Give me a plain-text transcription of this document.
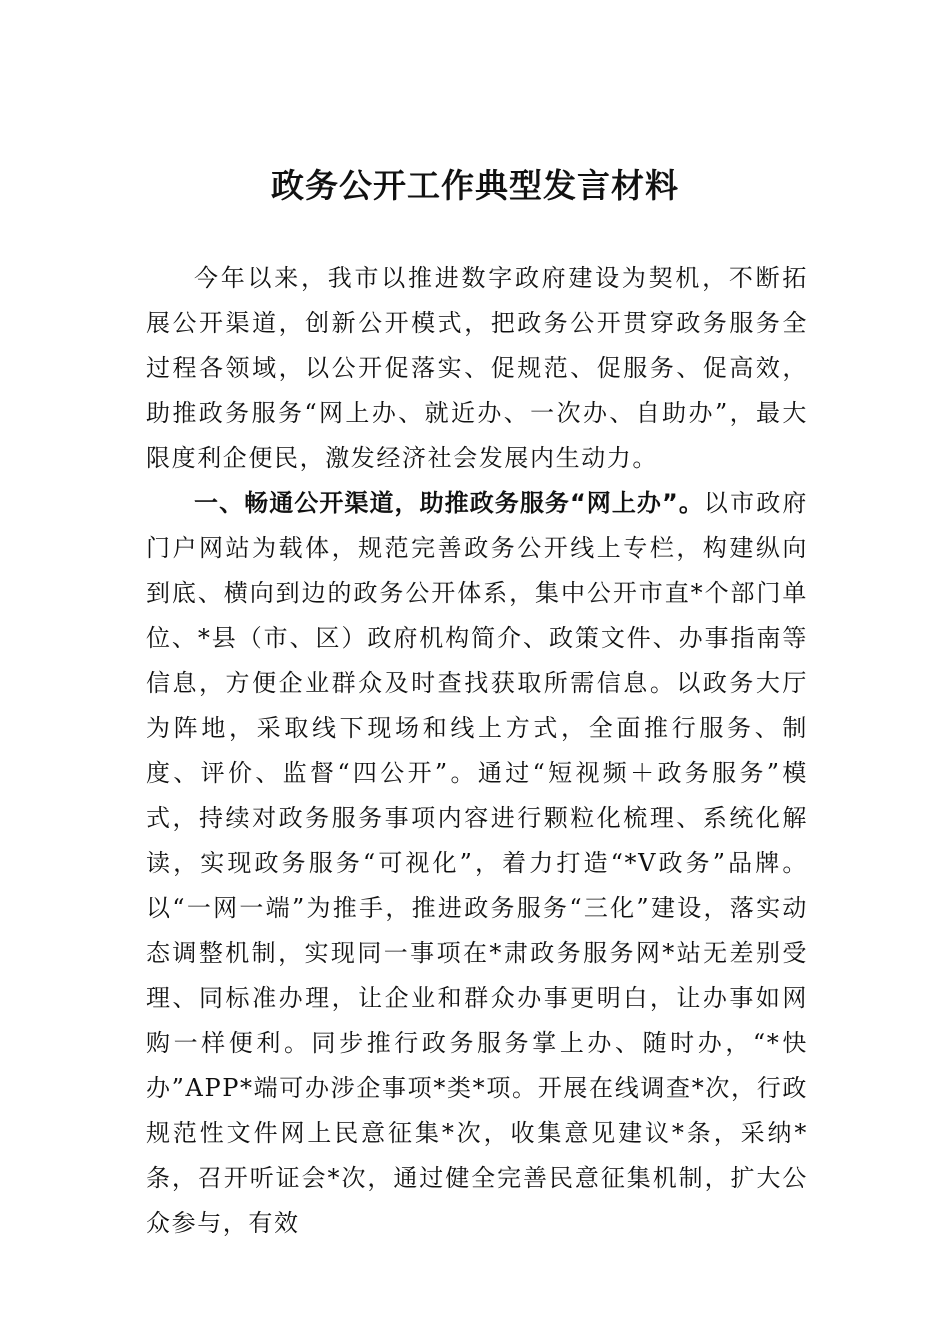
政务公开工作典型发言材料

今年以来，我市以推进数字政府建设为契机，不断拓展公开渠道，创新公开模式，把政务公开贯穿政务服务全过程各领域，以公开促落实、促规范、促服务、促高效，助推政务服务“网上办、就近办、一次办、自助办”，最大限度利企便民，激发经济社会发展内生动力。

一、畅通公开渠道，助推政务服务“网上办”。以市政府门户网站为载体，规范完善政务公开线上专栏，构建纵向到底、横向到边的政务公开体系，集中公开市直*个部门单位、*县（市、区）政府机构简介、政策文件、办事指南等信息，方便企业群众及时查找获取所需信息。以政务大厅为阵地，采取线下现场和线上方式，全面推行服务、制度、评价、监督“四公开”。通过“短视频＋政务服务”模式，持续对政务服务事项内容进行颗粒化梳理、系统化解读，实现政务服务“可视化”，着力打造“*V政务”品牌。以“一网一端”为推手，推进政务服务“三化”建设，落实动态调整机制，实现同一事项在*肃政务服务网*站无差别受理、同标准办理，让企业和群众办事更明白，让办事如网购一样便利。同步推行政务服务掌上办、随时办，“*快办”APP*端可办涉企事项*类*项。开展在线调查*次，行政规范性文件网上民意征集*次，收集意见建议*条，采纳*条，召开听证会*次，通过健全完善民意征集机制，扩大公众参与，有效
